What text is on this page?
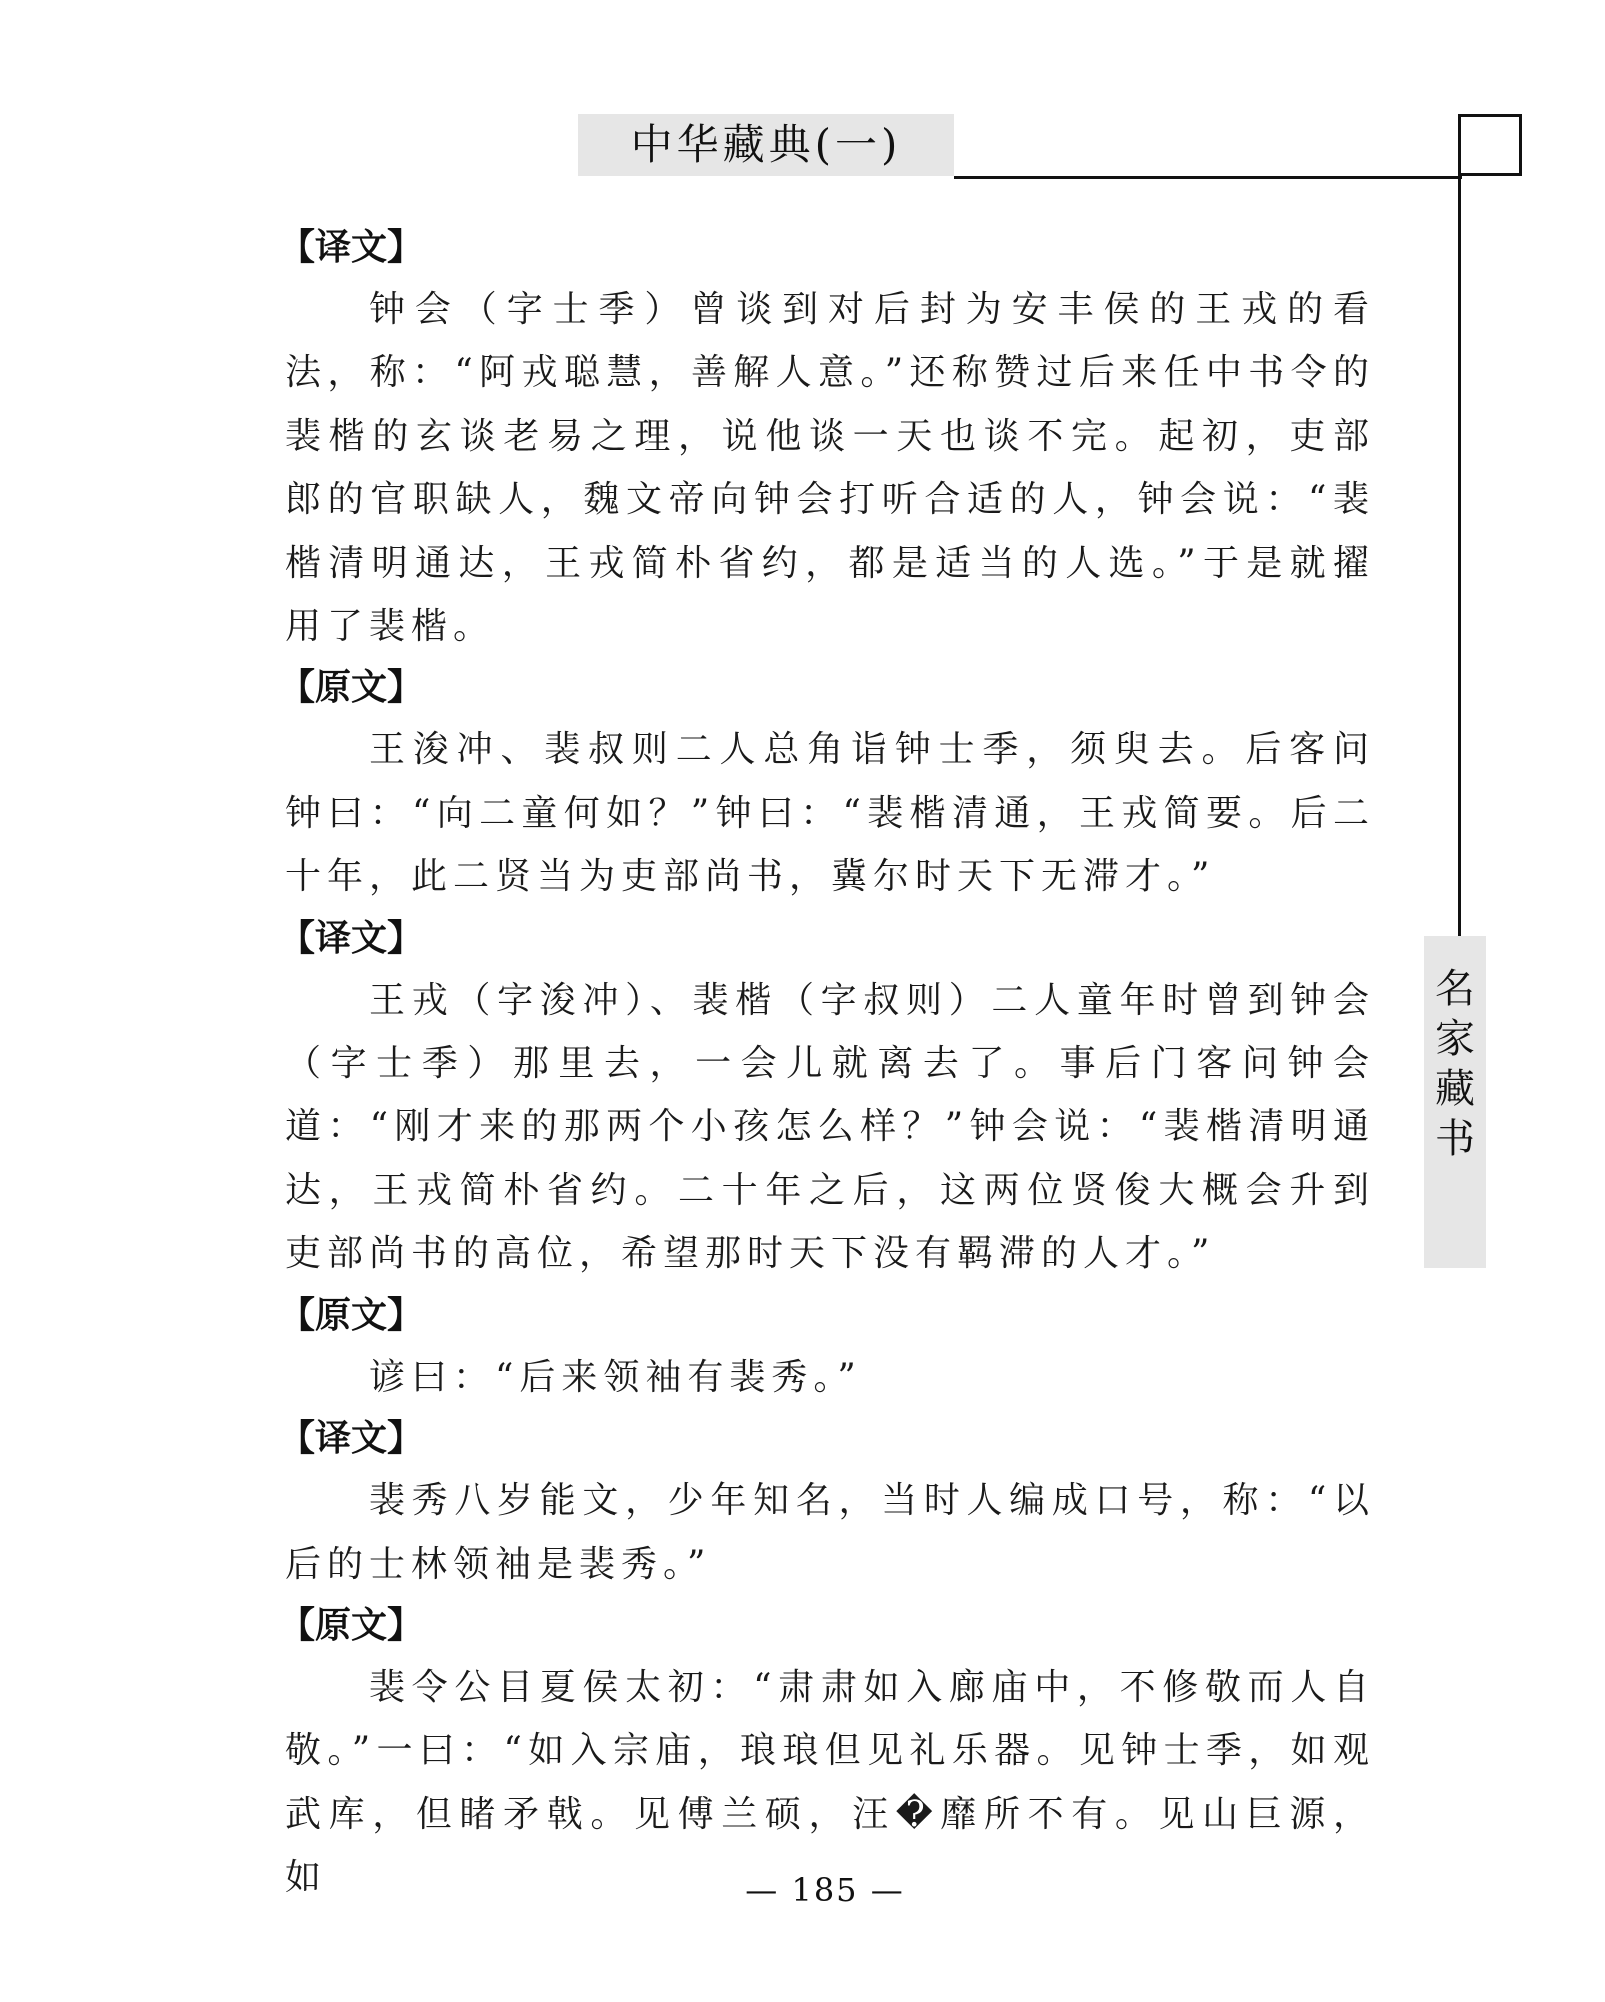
中华藏典(一)
名
家
藏
书
【译文】

钟会（字士季）曾谈到对后封为安丰侯的王戎的看法，称：“阿戎聪慧，善解人意。”还称赞过后来任中书令的裴楷的玄谈老易之理，说他谈一天也谈不完。起初，吏部郎的官职缺人，魏文帝向钟会打听合适的人，钟会说：“裴楷清明通达，王戎简朴省约，都是适当的人选。”于是就擢用了裴楷。

【原文】

王浚冲、裴叔则二人总角诣钟士季，须臾去。后客问钟曰：“向二童何如？”钟曰：“裴楷清通，王戎简要。后二十年，此二贤当为吏部尚书，冀尔时天下无滞才。”

【译文】

王戎（字浚冲）、裴楷（字叔则）二人童年时曾到钟会（字士季）那里去，一会儿就离去了。事后门客问钟会道：“刚才来的那两个小孩怎么样？”钟会说：“裴楷清明通达，王戎简朴省约。二十年之后，这两位贤俊大概会升到吏部尚书的高位，希望那时天下没有羁滞的人才。”

【原文】

谚曰：“后来领袖有裴秀。”

【译文】

裴秀八岁能文，少年知名，当时人编成口号，称：“以后的士林领袖是裴秀。”

【原文】

裴令公目夏侯太初：“肃肃如入廊庙中，不修敬而人自敬。”一曰：“如入宗庙，琅琅但见礼乐器。见钟士季，如观武库，但睹矛戟。见傅兰硕，汪�靡所不有。见山巨源，如	— 185 —
